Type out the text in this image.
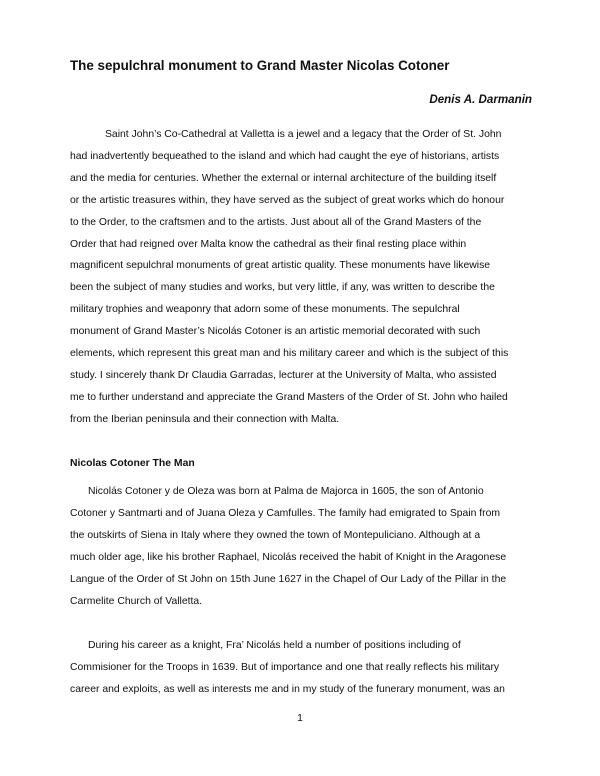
The sepulchral monument to Grand Master Nicolas Cotoner
Denis A. Darmanin

Saint John’s Co-Cathedral at Valletta is a jewel and a legacy that the Order of St. John
had inadvertently bequeathed to the island and which had caught the eye of historians, artists
and the media for centuries. Whether the external or internal architecture of the building itself
or the artistic treasures within, they have served as the subject of great works which do honour
to the Order, to the craftsmen and to the artists. Just about all of the Grand Masters of the
Order that had reigned over Malta know the cathedral as their final resting place within
magnificent sepulchral monuments of great artistic quality. These monuments have likewise
been the subject of many studies and works, but very little, if any, was written to describe the
military trophies and weaponry that adorn some of these monuments. The sepulchral
monument of Grand Master’s Nicolás Cotoner is an artistic memorial decorated with such
elements, which represent this great man and his military career and which is the subject of this
study. I sincerely thank Dr Claudia Garradas, lecturer at the University of Malta, who assisted
me to further understand and appreciate the Grand Masters of the Order of St. John who hailed
from the Iberian peninsula and their connection with Malta.

Nicolas Cotoner The Man

Nicolás Cotoner y de Oleza was born at Palma de Majorca in 1605, the son of Antonio
Cotoner y Santmarti and of Juana Oleza y Camfulles. The family had emigrated to Spain from
the outskirts of Siena in Italy where they owned the town of Montepuliciano. Although at a
much older age, like his brother Raphael, Nicolás received the habit of Knight in the Aragonese
Langue of the Order of St John on 15th June 1627 in the Chapel of Our Lady of the Pillar in the
Carmelite Church of Valletta.

During his career as a knight, Fra’ Nicolás held a number of positions including of
Commisioner for the Troops in 1639. But of importance and one that really reflects his military
career and exploits, as well as interests me and in my study of the funerary monument, was an

1
